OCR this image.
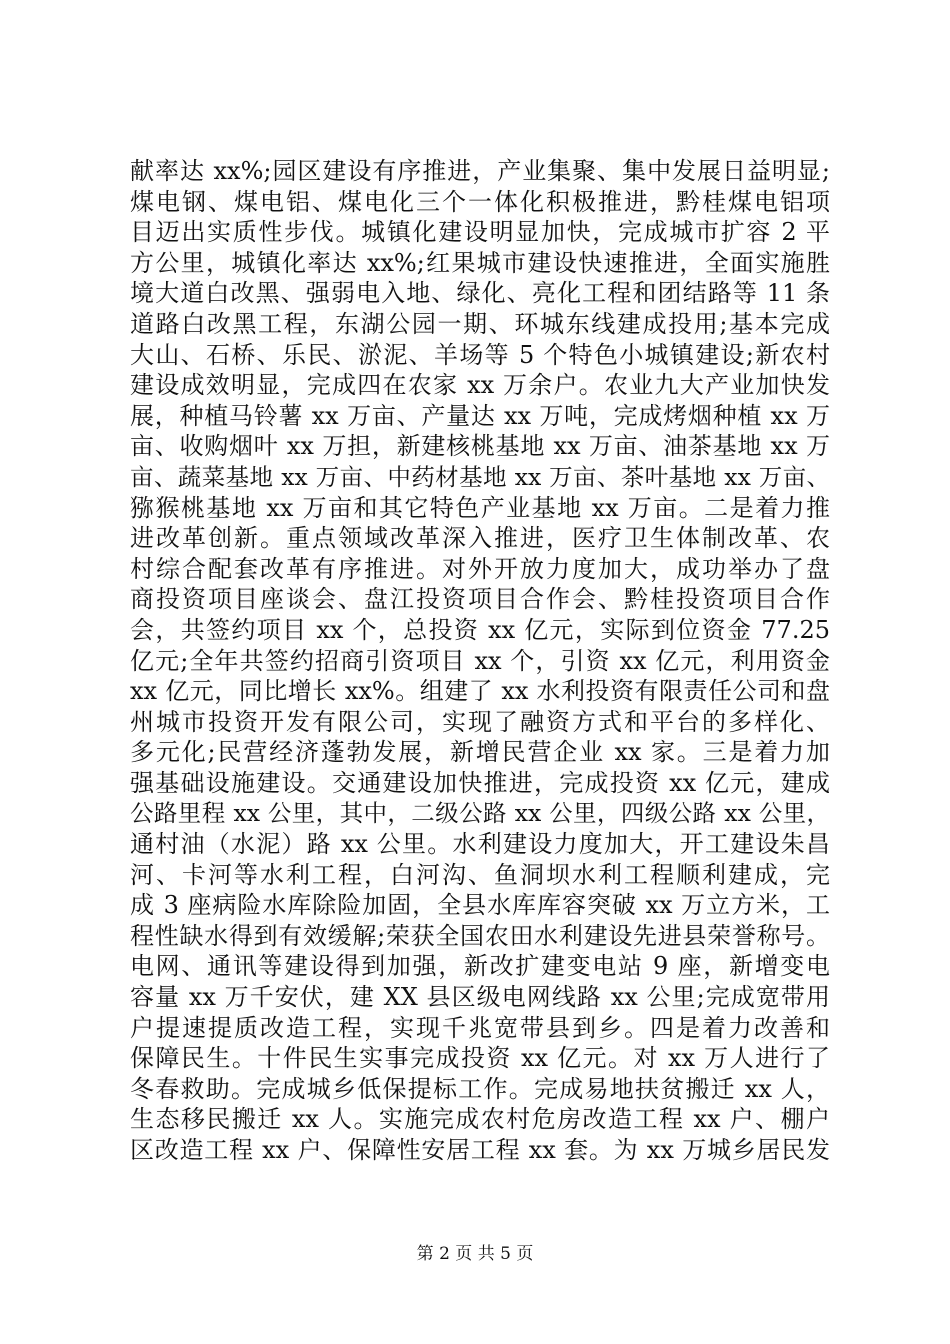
献率达 xx%;园区建设有序推进，产业集聚、集中发展日益明显;
煤电钢、煤电铝、煤电化三个一体化积极推进，黔桂煤电铝项
目迈出实质性步伐。城镇化建设明显加快，完成城市扩容 2 平
方公里，城镇化率达 xx%;红果城市建设快速推进，全面实施胜
境大道白改黑、强弱电入地、绿化、亮化工程和团结路等 11 条
道路白改黑工程，东湖公园一期、环城东线建成投用;基本完成
大山、石桥、乐民、淤泥、羊场等 5 个特色小城镇建设;新农村
建设成效明显，完成四在农家 xx 万余户。农业九大产业加快发
展，种植马铃薯 xx 万亩、产量达 xx 万吨，完成烤烟种植 xx 万
亩、收购烟叶 xx 万担，新建核桃基地 xx 万亩、油茶基地 xx 万
亩、蔬菜基地 xx 万亩、中药材基地 xx 万亩、茶叶基地 xx 万亩、
猕猴桃基地 xx 万亩和其它特色产业基地 xx 万亩。二是着力推
进改革创新。重点领域改革深入推进，医疗卫生体制改革、农
村综合配套改革有序推进。对外开放力度加大，成功举办了盘
商投资项目座谈会、盘江投资项目合作会、黔桂投资项目合作
会，共签约项目 xx 个，总投资 xx 亿元，实际到位资金 77.25
亿元;全年共签约招商引资项目 xx 个，引资 xx 亿元，利用资金
xx 亿元，同比增长 xx%。组建了 xx 水利投资有限责任公司和盘
州城市投资开发有限公司，实现了融资方式和平台的多样化、
多元化;民营经济蓬勃发展，新增民营企业 xx 家。三是着力加
强基础设施建设。交通建设加快推进，完成投资 xx 亿元，建成
公路里程 xx 公里，其中，二级公路 xx 公里，四级公路 xx 公里，
通村油（水泥）路 xx 公里。水利建设力度加大，开工建设朱昌
河、卡河等水利工程，白河沟、鱼洞坝水利工程顺利建成，完
成 3 座病险水库除险加固，全县水库库容突破 xx 万立方米，工
程性缺水得到有效缓解;荣获全国农田水利建设先进县荣誉称号。
电网、通讯等建设得到加强，新改扩建变电站 9 座，新增变电
容量 xx 万千安伏，建 XX 县区级电网线路 xx 公里;完成宽带用
户提速提质改造工程，实现千兆宽带县到乡。四是着力改善和
保障民生。十件民生实事完成投资 xx 亿元。对 xx 万人进行了
冬春救助。完成城乡低保提标工作。完成易地扶贫搬迁 xx 人，
生态移民搬迁 xx 人。实施完成农村危房改造工程 xx 户、棚户
区改造工程 xx 户、保障性安居工程 xx 套。为 xx 万城乡居民发
第 2 页 共 5 页
